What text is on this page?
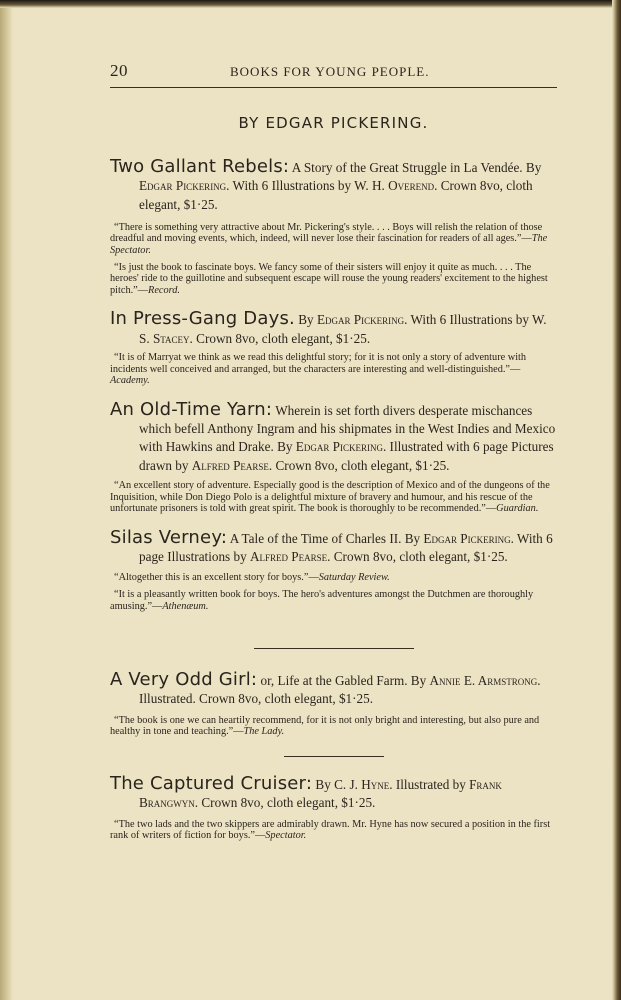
20	BOOKS FOR YOUNG PEOPLE.
BY EDGAR PICKERING.

Two Gallant Rebels: A Story of the Great Struggle in La Vendée. By Edgar Pickering. With 6 Illustrations by W. H. Overend. Crown 8vo, cloth elegant, $1·25.

“There is something very attractive about Mr. Pickering's style. . . . Boys will relish the relation of those dreadful and moving events, which, indeed, will never lose their fascination for readers of all ages.”—The Spectator.

“Is just the book to fascinate boys. We fancy some of their sisters will enjoy it quite as much. . . . The heroes' ride to the guillotine and subsequent escape will rouse the young readers' excitement to the highest pitch.”—Record.

In Press-Gang Days. By Edgar Pickering. With 6 Illustrations by W. S. Stacey. Crown 8vo, cloth elegant, $1·25.

“It is of Marryat we think as we read this delightful story; for it is not only a story of adventure with incidents well conceived and arranged, but the characters are interesting and well-distinguished.”—Academy.

An Old-Time Yarn: Wherein is set forth divers desperate mischances which befell Anthony Ingram and his shipmates in the West Indies and Mexico with Hawkins and Drake. By Edgar Pickering. Illustrated with 6 page Pictures drawn by Alfred Pearse. Crown 8vo, cloth elegant, $1·25.

“An excellent story of adventure. Especially good is the description of Mexico and of the dungeons of the Inquisition, while Don Diego Polo is a delightful mixture of bravery and humour, and his rescue of the unfortunate prisoners is told with great spirit. The book is thoroughly to be recommended.”—Guardian.

Silas Verney: A Tale of the Time of Charles II. By Edgar Pickering. With 6 page Illustrations by Alfred Pearse. Crown 8vo, cloth elegant, $1·25.

“Altogether this is an excellent story for boys.”—Saturday Review.

“It is a pleasantly written book for boys. The hero's adventures amongst the Dutchmen are thoroughly amusing.”—Athenæum.

A Very Odd Girl: or, Life at the Gabled Farm. By Annie E. Armstrong. Illustrated. Crown 8vo, cloth elegant, $1·25.

“The book is one we can heartily recommend, for it is not only bright and interesting, but also pure and healthy in tone and teaching.”—The Lady.

The Captured Cruiser: By C. J. Hyne. Illustrated by Frank Brangwyn. Crown 8vo, cloth elegant, $1·25.

“The two lads and the two skippers are admirably drawn. Mr. Hyne has now secured a position in the first rank of writers of fiction for boys.”—Spectator.
